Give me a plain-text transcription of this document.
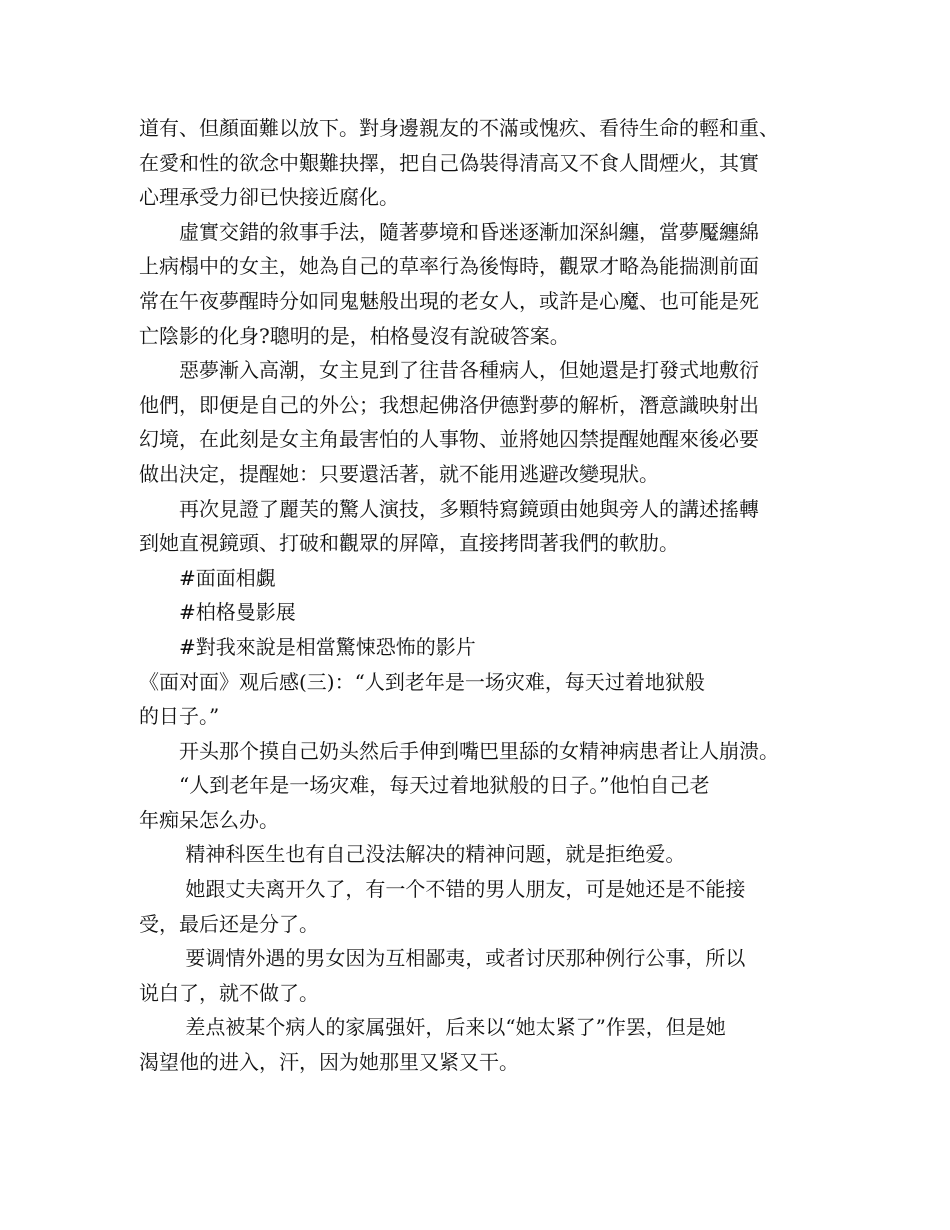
道有、但顏面難以放下。對身邊親友的不滿或愧疚、看待生命的輕和重、
在愛和性的欲念中艱難抉擇，把自己偽裝得清高又不食人間煙火，其實
心理承受力卻已快接近腐化。
　　虛實交錯的敘事手法，隨著夢境和昏迷逐漸加深糾纏，當夢魘纏綿
上病榻中的女主，她為自己的草率行為後悔時，觀眾才略為能揣測前面
常在午夜夢醒時分如同鬼魅般出現的老女人，或許是心魔、也可能是死
亡陰影的化身?聰明的是，柏格曼沒有說破答案。
　　惡夢漸入高潮，女主見到了往昔各種病人，但她還是打發式地敷衍
他們，即便是自己的外公；我想起佛洛伊德對夢的解析，潛意識映射出
幻境，在此刻是女主角最害怕的人事物、並將她囚禁提醒她醒來後必要
做出決定，提醒她：只要還活著，就不能用逃避改變現狀。
　　再次見證了麗芙的驚人演技，多顆特寫鏡頭由她與旁人的講述搖轉
到她直視鏡頭、打破和觀眾的屏障，直接拷問著我們的軟肋。
　　#面面相覷
　　#柏格曼影展
　　#對我來說是相當驚悚恐怖的影片
《面对面》观后感(三)：“人到老年是一场灾难，每天过着地狱般
的日子。”
　　开头那个摸自己奶头然后手伸到嘴巴里舔的女精神病患者让人崩溃。
　　“人到老年是一场灾难，每天过着地狱般的日子。”他怕自己老
年痴呆怎么办。
　　 精神科医生也有自己没法解决的精神问题，就是拒绝爱。
　　 她跟丈夫离开久了，有一个不错的男人朋友，可是她还是不能接
受，最后还是分了。
　　 要调情外遇的男女因为互相鄙夷，或者讨厌那种例行公事，所以
说白了，就不做了。
　　 差点被某个病人的家属强奸，后来以“她太紧了”作罢，但是她
渴望他的进入，汗，因为她那里又紧又干。
